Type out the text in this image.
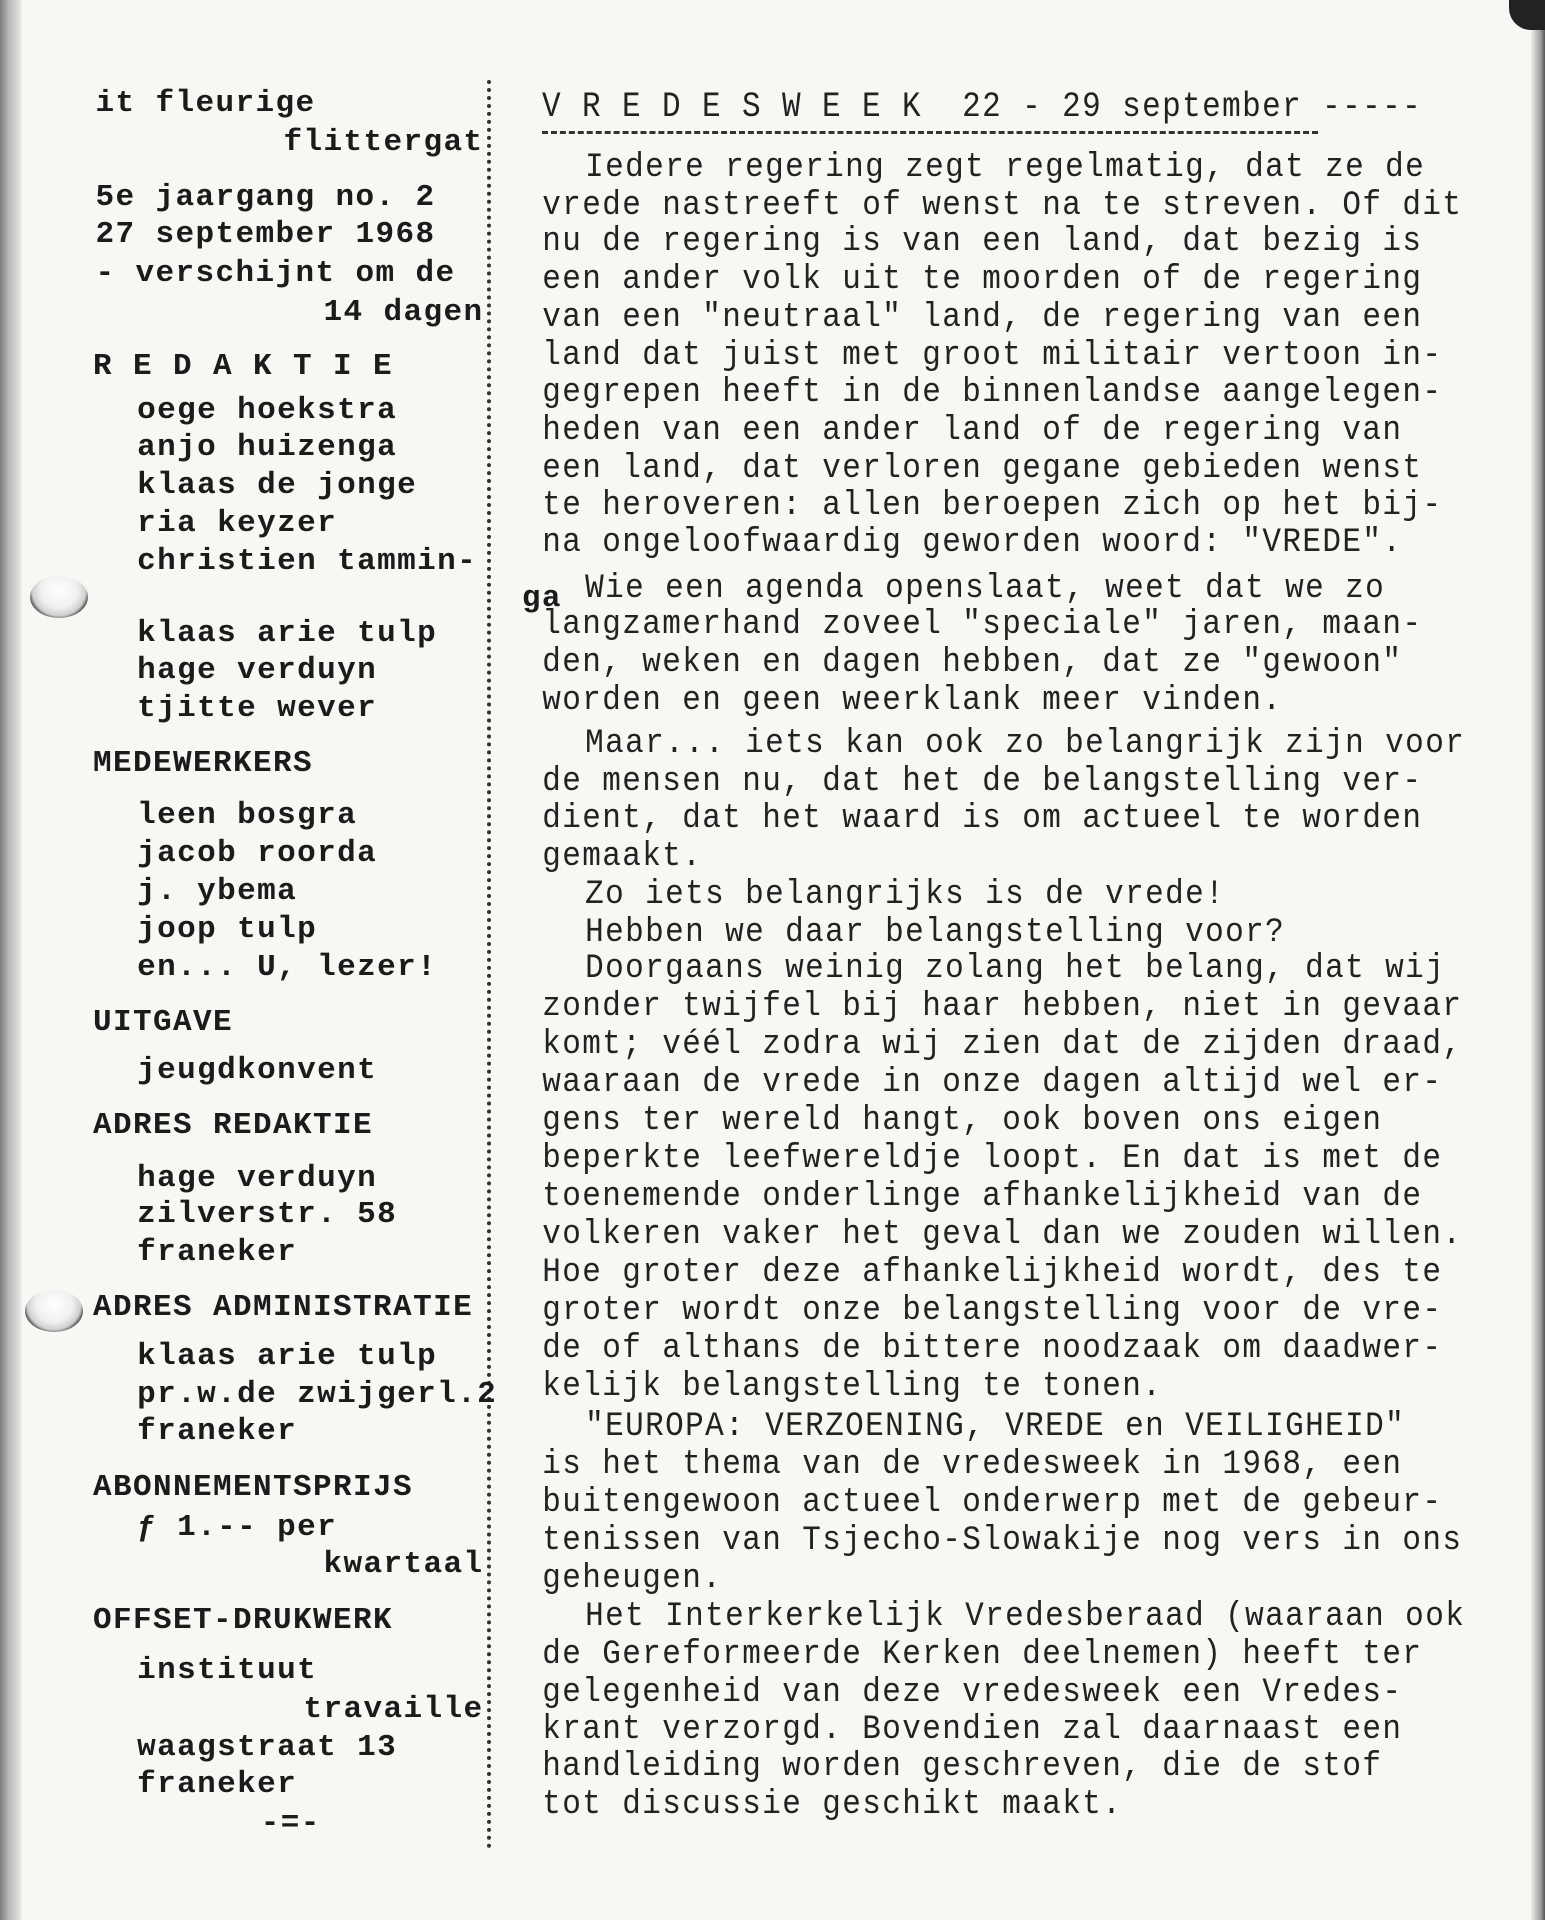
it fleurige
flittergat
5e jaargang no. 2
27 september 1968
- verschijnt om de
14 dagen
R E D A K T I E
oege hoekstra
anjo huizenga
klaas de jonge
ria keyzer
christien tammin-
ga
klaas arie tulp
hage verduyn
tjitte wever
MEDEWERKERS
leen bosgra
jacob roorda
j. ybema
joop tulp
en... U, lezer!
UITGAVE
jeugdkonvent
ADRES REDAKTIE
hage verduyn
zilverstr. 58
franeker
ADRES ADMINISTRATIE
klaas arie tulp
pr.w.de zwijgerl.2
franeker
ABONNEMENTSPRIJS
ƒ 1.-- per
kwartaal
OFFSET-DRUKWERK
instituut
travaille
waagstraat 13
franeker
-=-
V R E D E S W E E K  22 - 29 september -----
Iedere regering zegt regelmatig, dat ze de
vrede nastreeft of wenst na te streven. Of dit
nu de regering is van een land, dat bezig is
een ander volk uit te moorden of de regering
van een "neutraal" land, de regering van een
land dat juist met groot militair vertoon in-
gegrepen heeft in de binnenlandse aangelegen-
heden van een ander land of de regering van
een land, dat verloren gegane gebieden wenst
te heroveren: allen beroepen zich op het bij-
na ongeloofwaardig geworden woord: "VREDE".
Wie een agenda openslaat, weet dat we zo
langzamerhand zoveel "speciale" jaren, maan-
den, weken en dagen hebben, dat ze "gewoon"
worden en geen weerklank meer vinden.
Maar... iets kan ook zo belangrijk zijn voor
de mensen nu, dat het de belangstelling ver-
dient, dat het waard is om actueel te worden
gemaakt.
Zo iets belangrijks is de vrede!
Hebben we daar belangstelling voor?
Doorgaans weinig zolang het belang, dat wij
zonder twijfel bij haar hebben, niet in gevaar
komt; véél zodra wij zien dat de zijden draad,
waaraan de vrede in onze dagen altijd wel er-
gens ter wereld hangt, ook boven ons eigen
beperkte leefwereldje loopt. En dat is met de
toenemende onderlinge afhankelijkheid van de
volkeren vaker het geval dan we zouden willen.
Hoe groter deze afhankelijkheid wordt, des te
groter wordt onze belangstelling voor de vre-
de of althans de bittere noodzaak om daadwer-
kelijk belangstelling te tonen.
"EUROPA: VERZOENING, VREDE en VEILIGHEID"
is het thema van de vredesweek in 1968, een
buitengewoon actueel onderwerp met de gebeur-
tenissen van Tsjecho-Slowakije nog vers in ons
geheugen.
Het Interkerkelijk Vredesberaad (waaraan ook
de Gereformeerde Kerken deelnemen) heeft ter
gelegenheid van deze vredesweek een Vredes-
krant verzorgd. Bovendien zal daarnaast een
handleiding worden geschreven, die de stof
tot discussie geschikt maakt.
